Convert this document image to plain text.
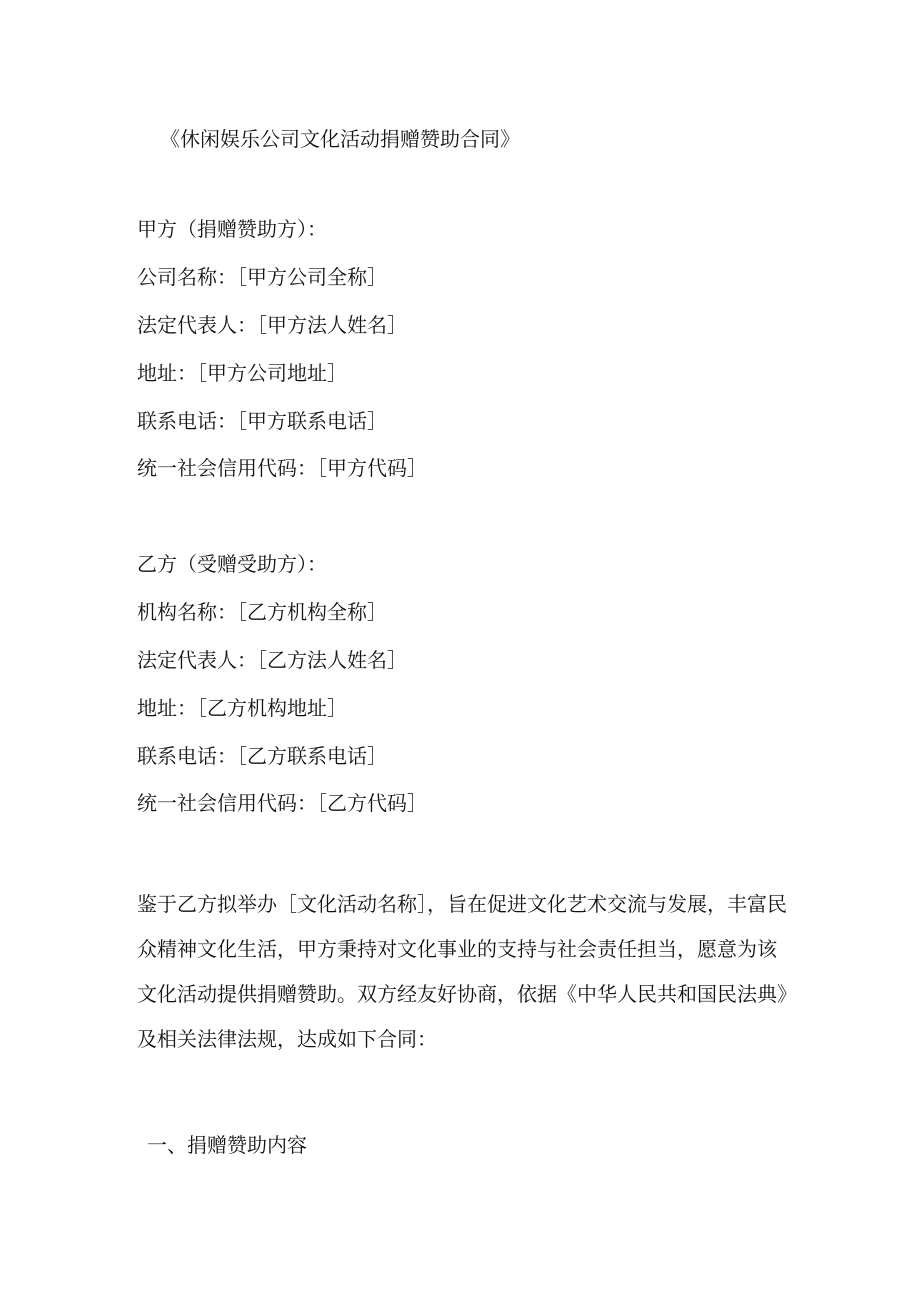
《休闲娱乐公司文化活动捐赠赞助合同》
甲方（捐赠赞助方）：
公司名称：［甲方公司全称］
法定代表人：［甲方法人姓名］
地址：［甲方公司地址］
联系电话：［甲方联系电话］
统一社会信用代码：［甲方代码］
乙方（受赠受助方）：
机构名称：［乙方机构全称］
法定代表人：［乙方法人姓名］
地址：［乙方机构地址］
联系电话：［乙方联系电话］
统一社会信用代码：［乙方代码］
鉴于乙方拟举办［文化活动名称］，旨在促进文化艺术交流与发展，丰富民众精神文化生活，甲方秉持对文化事业的支持与社会责任担当，愿意为该文化活动提供捐赠赞助。双方经友好协商，依据《中华人民共和国民法典》及相关法律法规，达成如下合同：
一、捐赠赞助内容
